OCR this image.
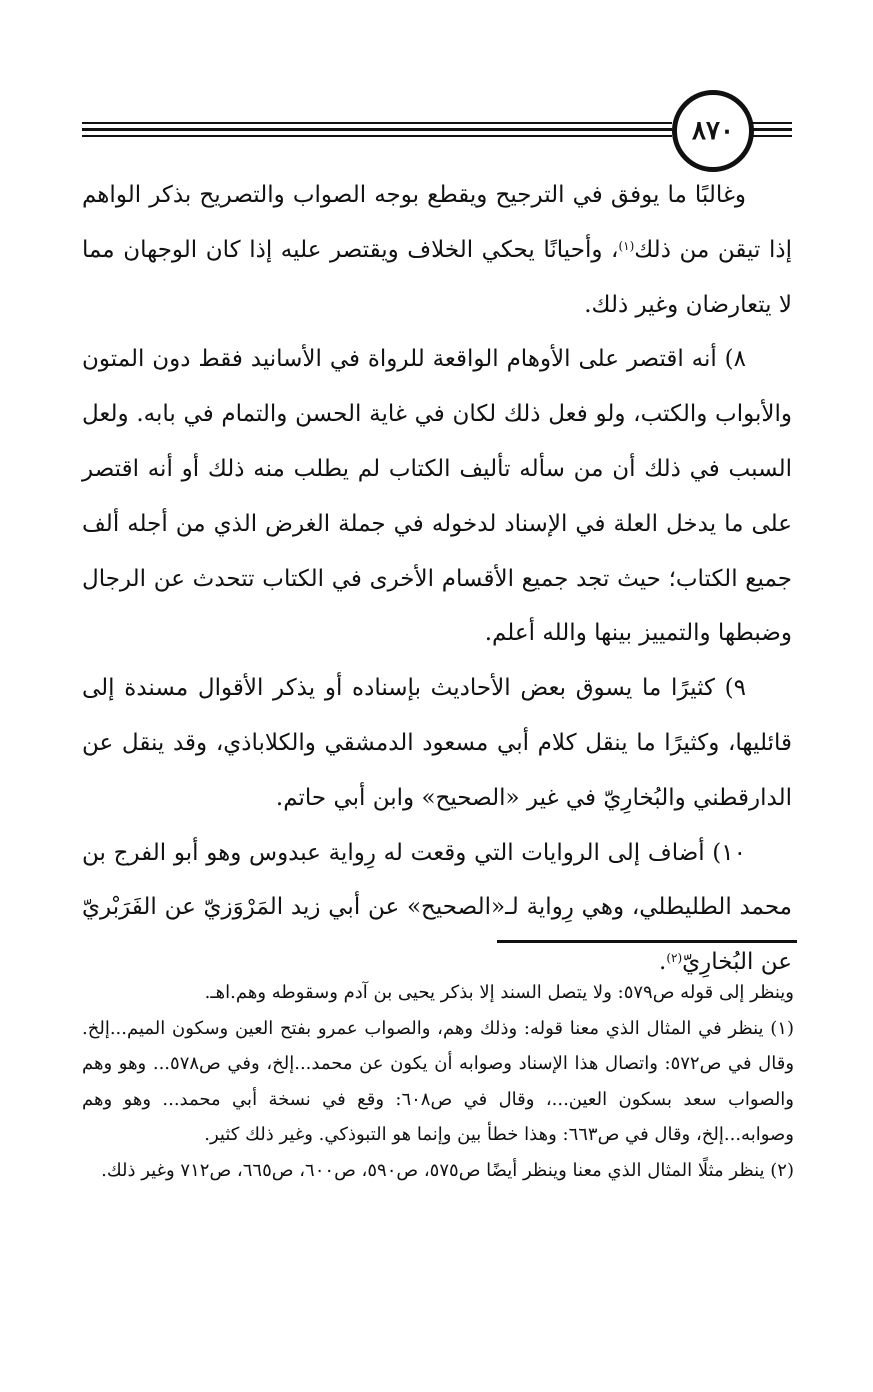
٨٧٠

وغالبًا ما يوفق في الترجيح ويقطع بوجه الصواب والتصريح بذكر الواهم إذا تيقن من ذلك$^{(١)}$، وأحيانًا يحكي الخلاف ويقتصر عليه إذا كان الوجهان مما لا يتعارضان وغير ذلك.

٨) أنه اقتصر على الأوهام الواقعة للرواة في الأسانيد فقط دون المتون والأبواب والكتب، ولو فعل ذلك لكان في غاية الحسن والتمام في بابه. ولعل السبب في ذلك أن من سأله تأليف الكتاب لم يطلب منه ذلك أو أنه اقتصر على ما يدخل العلة في الإسناد لدخوله في جملة الغرض الذي من أجله ألف جميع الكتاب؛ حيث تجد جميع الأقسام الأخرى في الكتاب تتحدث عن الرجال وضبطها والتمييز بينها والله أعلم.

٩) كثيرًا ما يسوق بعض الأحاديث بإسناده أو يذكر الأقوال مسندة إلى قائليها، وكثيرًا ما ينقل كلام أبي مسعود الدمشقي والكلاباذي، وقد ينقل عن الدارقطني والبُخارِيّ في غير «الصحيح» وابن أبي حاتم.

١٠) أضاف إلى الروايات التي وقعت له رِواية عبدوس وهو أبو الفرج بن محمد الطليطلي، وهي رِواية لـ«الصحيح» عن أبي زيد المَرْوَزيّ عن الفَرَبْريّ عن البُخارِيّ$^{(٢)}$.

وينظر إلى قوله ص٥٧٩: ولا يتصل السند إلا بذكر يحيى بن آدم وسقوطه وهم.اهـ.

(١) ينظر في المثال الذي معنا قوله: وذلك وهم، والصواب عمرو بفتح العين وسكون الميم...إلخ. وقال في ص٥٧٢: واتصال هذا الإسناد وصوابه أن يكون عن محمد...إلخ، وفي ص٥٧٨... وهو وهم والصواب سعد بسكون العين...، وقال في ص٦٠٨: وقع في نسخة أبي محمد... وهو وهم وصوابه...إلخ، وقال في ص٦٦٣: وهذا خطأ بين وإنما هو التبوذكي. وغير ذلك كثير.

(٢) ينظر مثلًا المثال الذي معنا وينظر أيضًا ص٥٧٥، ص٥٩٠، ص٦٠٠، ص٦٦٥، ص٧١٢ وغير ذلك.
